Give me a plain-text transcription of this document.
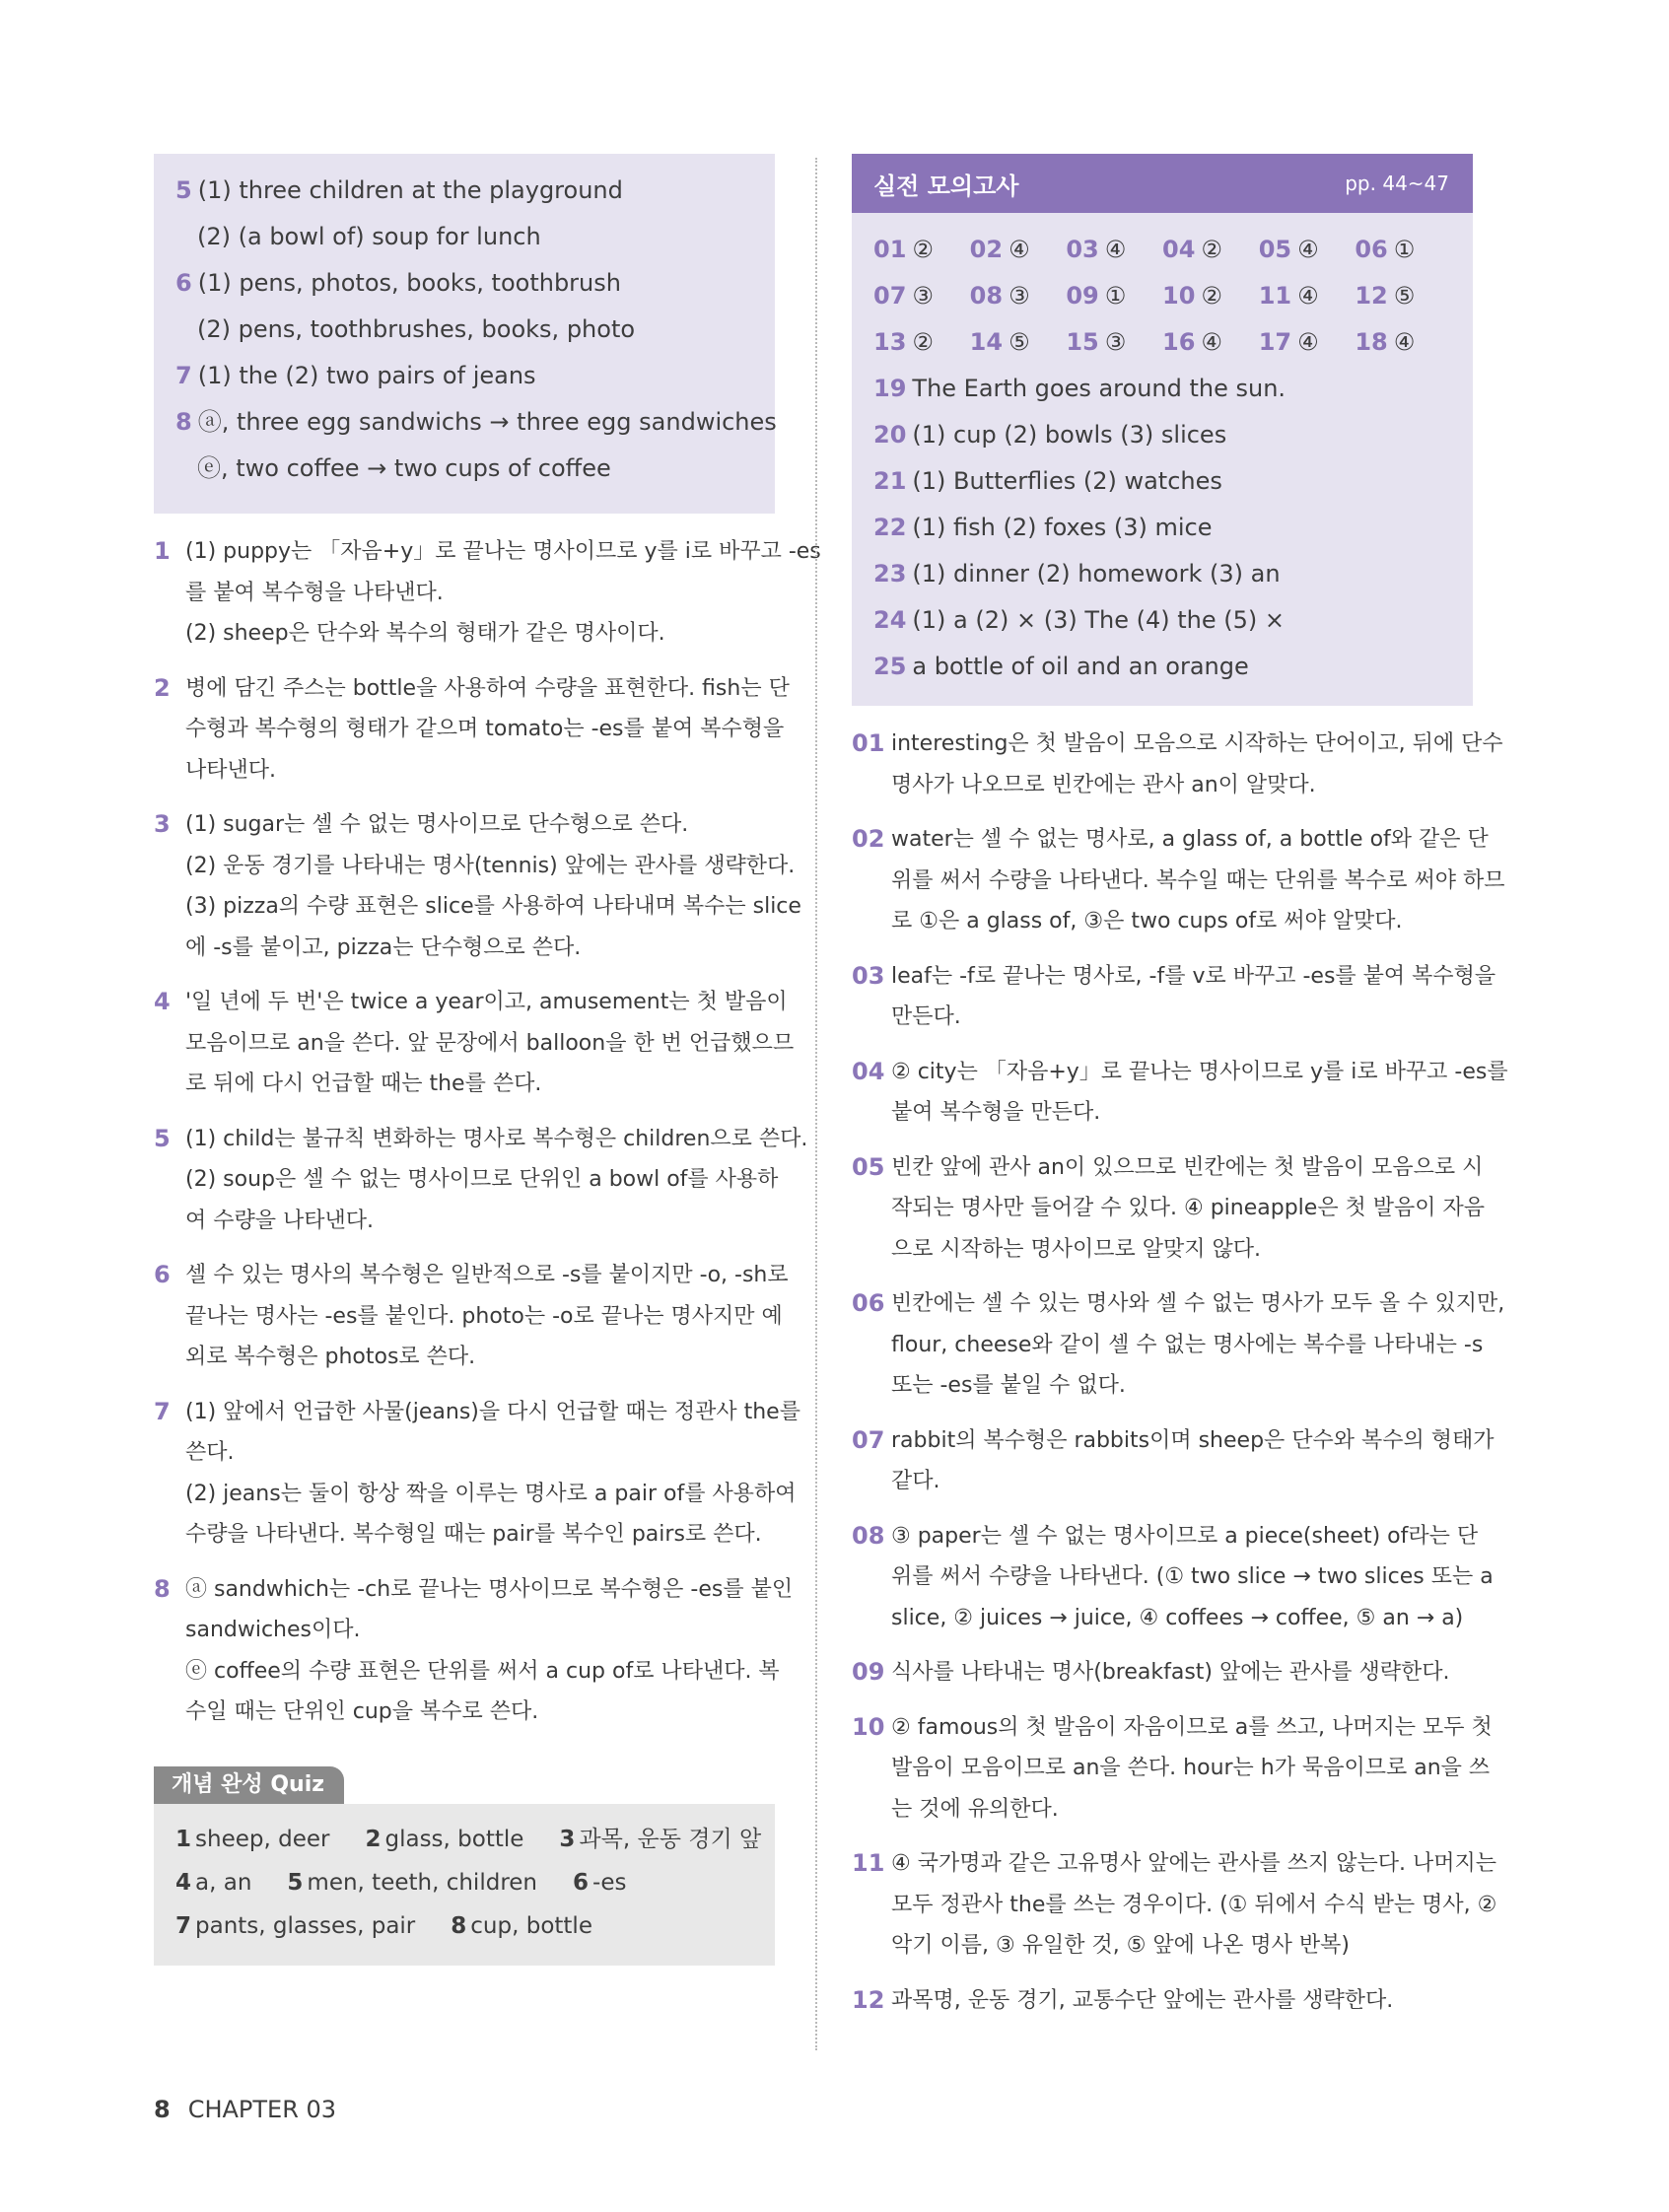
5 (1) three children at the playground
(2) (a bowl of) soup for lunch
6 (1) pens, photos, books, toothbrush
(2) pens, toothbrushes, books, photo
7 (1) the (2) two pairs of jeans
8 ⓐ, three egg sandwichs → three egg sandwiches
ⓔ, two coffee → two cups of coffee
1 (1) puppy는 「자음+y」로 끝나는 명사이므로 y를 i로 바꾸고 -es
를 붙여 복수형을 나타낸다.
(2) sheep은 단수와 복수의 형태가 같은 명사이다.
2 병에 담긴 주스는 bottle을 사용하여 수량을 표현한다. fish는 단
수형과 복수형의 형태가 같으며 tomato는 -es를 붙여 복수형을
나타낸다.
3 (1) sugar는 셀 수 없는 명사이므로 단수형으로 쓴다.
(2) 운동 경기를 나타내는 명사(tennis) 앞에는 관사를 생략한다.
(3) pizza의 수량 표현은 slice를 사용하여 나타내며 복수는 slice
에 -s를 붙이고, pizza는 단수형으로 쓴다.
4 '일 년에 두 번'은 twice a year이고, amusement는 첫 발음이
모음이므로 an을 쓴다. 앞 문장에서 balloon을 한 번 언급했으므
로 뒤에 다시 언급할 때는 the를 쓴다.
5 (1) child는 불규칙 변화하는 명사로 복수형은 children으로 쓴다.
(2) soup은 셀 수 없는 명사이므로 단위인 a bowl of를 사용하
여 수량을 나타낸다.
6 셀 수 있는 명사의 복수형은 일반적으로 -s를 붙이지만 -o, -sh로
끝나는 명사는 -es를 붙인다. photo는 -o로 끝나는 명사지만 예
외로 복수형은 photos로 쓴다.
7 (1) 앞에서 언급한 사물(jeans)을 다시 언급할 때는 정관사 the를
쓴다.
(2) jeans는 둘이 항상 짝을 이루는 명사로 a pair of를 사용하여
수량을 나타낸다. 복수형일 때는 pair를 복수인 pairs로 쓴다.
8 ⓐ sandwhich는 -ch로 끝나는 명사이므로 복수형은 -es를 붙인
sandwiches이다.
ⓔ coffee의 수량 표현은 단위를 써서 a cup of로 나타낸다. 복
수일 때는 단위인 cup을 복수로 쓴다.
개념 완성 Quiz
1 sheep, deer 2 glass, bottle 3 과목, 운동 경기 앞
4 a, an 5 men, teeth, children 6 -es
7 pants, glasses, pair 8 cup, bottle
실전 모의고사	pp. 44~47
01 ②	02 ④	03 ④	04 ②	05 ④	06 ①
07 ③	08 ③	09 ①	10 ②	11 ④	12 ⑤
13 ②	14 ⑤	15 ③	16 ④	17 ④	18 ④
19 The Earth goes around the sun.
20 (1) cup (2) bowls (3) slices
21 (1) Butterflies (2) watches
22 (1) fish (2) foxes (3) mice
23 (1) dinner (2) homework (3) an
24 (1) a (2) × (3) The (4) the (5) ×
25 a bottle of oil and an orange
01 interesting은 첫 발음이 모음으로 시작하는 단어이고, 뒤에 단수
명사가 나오므로 빈칸에는 관사 an이 알맞다.
02 water는 셀 수 없는 명사로, a glass of, a bottle of와 같은 단
위를 써서 수량을 나타낸다. 복수일 때는 단위를 복수로 써야 하므
로 ①은 a glass of, ③은 two cups of로 써야 알맞다.
03 leaf는 -f로 끝나는 명사로, -f를 v로 바꾸고 -es를 붙여 복수형을
만든다.
04 ② city는 「자음+y」로 끝나는 명사이므로 y를 i로 바꾸고 -es를
붙여 복수형을 만든다.
05 빈칸 앞에 관사 an이 있으므로 빈칸에는 첫 발음이 모음으로 시
작되는 명사만 들어갈 수 있다. ④ pineapple은 첫 발음이 자음
으로 시작하는 명사이므로 알맞지 않다.
06 빈칸에는 셀 수 있는 명사와 셀 수 없는 명사가 모두 올 수 있지만,
flour, cheese와 같이 셀 수 없는 명사에는 복수를 나타내는 -s
또는 -es를 붙일 수 없다.
07 rabbit의 복수형은 rabbits이며 sheep은 단수와 복수의 형태가
같다.
08 ③ paper는 셀 수 없는 명사이므로 a piece(sheet) of라는 단
위를 써서 수량을 나타낸다. (① two slice → two slices 또는 a
slice, ② juices → juice, ④ coffees → coffee, ⑤ an → a)
09 식사를 나타내는 명사(breakfast) 앞에는 관사를 생략한다.
10 ② famous의 첫 발음이 자음이므로 a를 쓰고, 나머지는 모두 첫
발음이 모음이므로 an을 쓴다. hour는 h가 묵음이므로 an을 쓰
는 것에 유의한다.
11 ④ 국가명과 같은 고유명사 앞에는 관사를 쓰지 않는다. 나머지는
모두 정관사 the를 쓰는 경우이다. (① 뒤에서 수식 받는 명사, ②
악기 이름, ③ 유일한 것, ⑤ 앞에 나온 명사 반복)
12 과목명, 운동 경기, 교통수단 앞에는 관사를 생략한다.
8 CHAPTER 03
